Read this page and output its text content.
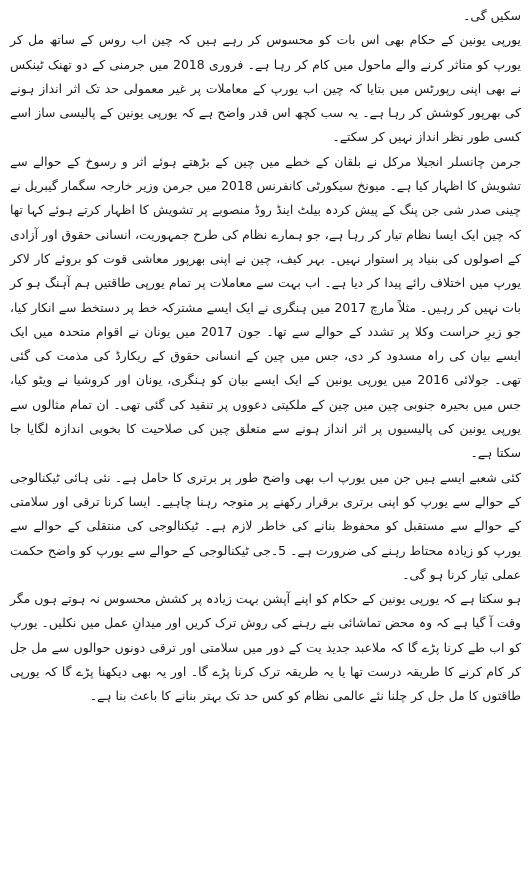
سکیں گی۔

یورپی یونین کے حکام بھی اس بات کو محسوس کر رہے ہیں کہ چین اب روس کے ساتھ مل کر یورپ کو متاثر کرنے والے ماحول میں کام کر رہا ہے۔ فروری 2018 میں جرمنی کے دو تھنک ٹینکس نے بھی اپنی رپورٹس میں بتایا کہ چین اب یورپ کے معاملات پر غیر معمولی حد تک اثر انداز ہونے کی بھرپور کوشش کر رہا ہے۔ یہ سب کچھ اس قدر واضح ہے کہ یورپی یونین کے پالیسی ساز اسے کسی طور نظر انداز نہیں کر سکتے۔

جرمن چانسلر انجیلا مرکل نے بلقان کے خطے میں چین کے بڑھتے ہوئے اثر و رسوخ کے حوالے سے تشویش کا اظہار کیا ہے۔ میونخ سیکورٹی کانفرنس 2018 میں جرمن وزیر خارجہ سگمار گیبریل نے چینی صدر شی جن پنگ کے پیش کردہ بیلٹ اینڈ روڈ منصوبے پر تشویش کا اظہار کرتے ہوئے کہا تھا کہ چین ایک ایسا نظام تیار کر رہا ہے، جو ہمارے نظام کی طرح جمہوریت، انسانی حقوق اور آزادی کے اصولوں کی بنیاد پر استوار نہیں۔ بہر کیف، چین نے اپنی بھرپور معاشی قوت کو بروئے کار لاکر یورپ میں اختلاف رائے پیدا کر دیا ہے۔ اب بہت سے معاملات پر تمام یورپی طاقتیں ہم آہنگ ہو کر بات نہیں کر رہیں۔ مثلاً مارچ 2017 میں ہنگری نے ایک ایسے مشترکہ خط پر دستخط سے انکار کیا، جو زیرِ حراست وکلا پر تشدد کے حوالے سے تھا۔ جون 2017 میں یونان نے اقوام متحدہ میں ایک ایسے بیان کی راہ مسدود کر دی، جس میں چین کے انسانی حقوق کے ریکارڈ کی مذمت کی گئی تھی۔ جولائی 2016 میں یورپی یونین کے ایک ایسے بیان کو ہنگری، یونان اور کروشیا نے ویٹو کیا، جس میں بحیرہ جنوبی چین میں چین کے ملکیتی دعووں پر تنقید کی گئی تھی۔ ان تمام مثالوں سے یورپی یونین کی پالیسیوں پر اثر انداز ہونے سے متعلق چین کی صلاحیت کا بخوبی اندازہ لگایا جا سکتا ہے۔

کئی شعبے ایسے ہیں جن میں یورپ اب بھی واضح طور پر برتری کا حامل ہے۔ نئی ہائی ٹیکنالوجی کے حوالے سے یورپ کو اپنی برتری برقرار رکھنے پر متوجہ رہنا چاہیے۔ ایسا کرنا ترقی اور سلامتی کے حوالے سے مستقبل کو محفوظ بنانے کی خاطر لازم ہے۔ ٹیکنالوجی کی منتقلی کے حوالے سے یورپ کو زیادہ محتاط رہنے کی ضرورت ہے۔ 5۔جی ٹیکنالوجی کے حوالے سے یورپ کو واضح حکمت عملی تیار کرنا ہو گی۔

ہو سکتا ہے کہ یورپی یونین کے حکام کو اپنے آپشن بہت زیادہ پر کشش محسوس نہ ہوتے ہوں مگر وقت آ گیا ہے کہ وہ محض تماشائی بنے رہنے کی روش ترک کریں اور میدانِ عمل میں نکلیں۔ یورپ کو اب طے کرنا پڑے گا کہ ملاعبد جدید یت کے دور میں سلامتی اور ترقی دونوں حوالوں سے مل جل کر کام کرنے کا طریقہ درست تھا یا یہ طریقہ ترک کرنا پڑے گا۔ اور یہ بھی دیکھنا پڑے گا کہ یورپی طاقتوں کا مل جل کر چلنا نئے عالمی نظام کو کس حد تک بہتر بنانے کا باعث بنا ہے۔
